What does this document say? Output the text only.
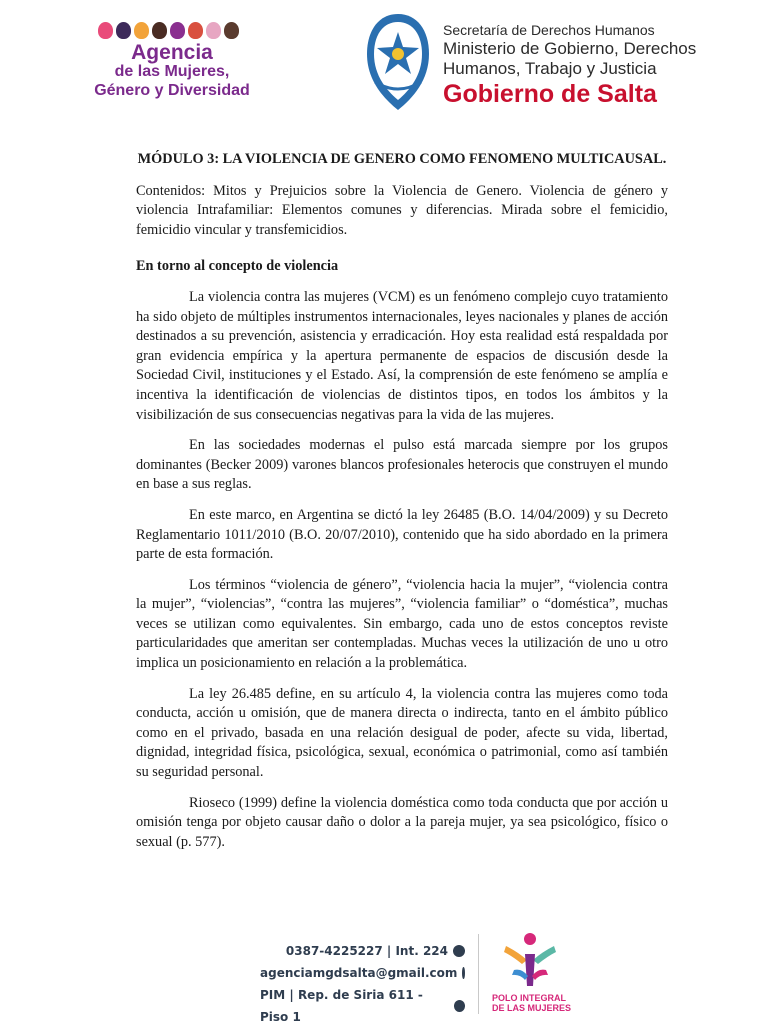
Agencia
de las Mujeres,
Género y Diversidad
Secretaría de Derechos Humanos
Ministerio de Gobierno, Derechos
Humanos, Trabajo y Justicia
Gobierno de Salta

MÓDULO 3: LA VIOLENCIA DE GENERO COMO FENOMENO MULTICAUSAL.

Contenidos: Mitos y Prejuicios sobre la Violencia de Genero. Violencia de género y violencia Intrafamiliar: Elementos comunes y diferencias. Mirada sobre el femicidio, femicidio vincular y transfemicidios.

En torno al concepto de violencia

La violencia contra las mujeres (VCM) es un fenómeno complejo cuyo tratamiento ha sido objeto de múltiples instrumentos internacionales, leyes nacionales y planes de acción destinados a su prevención, asistencia y erradicación. Hoy esta realidad está respaldada por gran evidencia empírica y la apertura permanente de espacios de discusión desde la Sociedad Civil, instituciones y el Estado. Así, la comprensión de este fenómeno se amplía e incentiva la identificación de violencias de distintos tipos, en todos los ámbitos y la visibilización de sus consecuencias negativas para la vida de las mujeres.

En las sociedades modernas el pulso está marcada siempre por los grupos dominantes (Becker 2009) varones blancos profesionales heterocis que construyen el mundo en base a sus reglas.

En este marco, en Argentina se dictó la ley 26485 (B.O. 14/04/2009) y su Decreto Reglamentario 1011/2010 (B.O. 20/07/2010), contenido que ha sido abordado en la primera parte de esta formación.

Los términos “violencia de género”, “violencia hacia la mujer”, “violencia contra la mujer”, “violencias”, “contra las mujeres”, “violencia familiar” o “doméstica”, muchas veces se utilizan como equivalentes. Sin embargo, cada uno de estos conceptos reviste particularidades que ameritan ser contempladas. Muchas veces la utilización de uno u otro implica un posicionamiento en relación a la problemática.

La ley 26.485 define, en su artículo 4, la violencia contra las mujeres como toda conducta, acción u omisión, que de manera directa o indirecta, tanto en el ámbito público como en el privado, basada en una relación desigual de poder, afecte su vida, libertad, dignidad, integridad física, psicológica, sexual, económica o patrimonial, como así también su seguridad personal.

Rioseco (1999) define la violencia doméstica como toda conducta que por acción u omisión tenga por objeto causar daño o dolor a la pareja mujer, ya sea psicológico, físico o sexual (p. 577).

0387-4225227 | Int. 224
agenciamgdsalta@gmail.com
PIM | Rep. de Siria 611 - Piso 1
POLO INTEGRAL
DE LAS MUJERES
